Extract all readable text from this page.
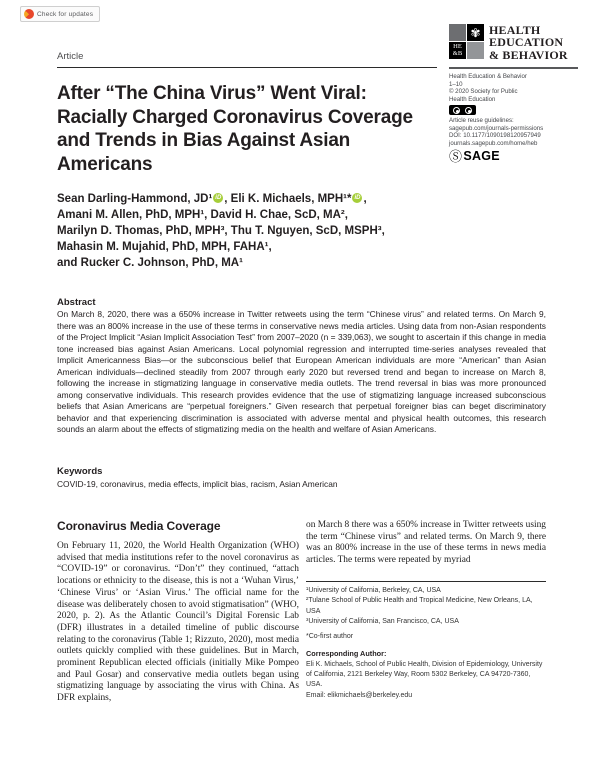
Check for updates
Article
✾
HE
&B
HEALTH
EDUCATION
& BEHAVIOR
Health Education & Behavior
1–10
© 2020 Society for Public
Health Education
Article reuse guidelines:
sagepub.com/journals-permissions
DOI: 10.1177/1090198120957949
journals.sagepub.com/home/heb
Ⓢ SAGE
After “The China Virus” Went Viral:
Racially Charged Coronavirus Coverage
and Trends in Bias Against Asian
Americans
Sean Darling-Hammond, JD¹ iD , Eli K. Michaels, MPH¹* iD ,
Amani M. Allen, PhD, MPH¹, David H. Chae, ScD, MA²,
Marilyn D. Thomas, PhD, MPH³, Thu T. Nguyen, ScD, MSPH³,
Mahasin M. Mujahid, PhD, MPH, FAHA¹,
and Rucker C. Johnson, PhD, MA¹
Abstract

On March 8, 2020, there was a 650% increase in Twitter retweets using the term “Chinese virus” and related terms. On March 9, there was an 800% increase in the use of these terms in conservative news media articles. Using data from non-Asian respondents of the Project Implicit “Asian Implicit Association Test” from 2007–2020 (n = 339,063), we sought to ascertain if this change in media tone increased bias against Asian Americans. Local polynomial regression and interrupted time-series analyses revealed that Implicit Americanness Bias—or the subconscious belief that European American individuals are more “American” than Asian American individuals—declined steadily from 2007 through early 2020 but reversed trend and began to increase on March 8, following the increase in stigmatizing language in conservative media outlets. The trend reversal in bias was more pronounced among conservative individuals. This research provides evidence that the use of stigmatizing language increased subconscious beliefs that Asian Americans are “perpetual foreigners.” Given research that perpetual foreigner bias can beget discriminatory behavior and that experiencing discrimination is associated with adverse mental and physical health outcomes, this research sounds an alarm about the effects of stigmatizing media on the health and welfare of Asian Americans.

Keywords

COVID-19, coronavirus, media effects, implicit bias, racism, Asian American

Coronavirus Media Coverage

On February 11, 2020, the World Health Organization (WHO) advised that media institutions refer to the novel coronavirus as “COVID-19” or coronavirus. “Don’t” they continued, “attach locations or ethnicity to the disease, this is not a ‘Wuhan Virus,’ ‘Chinese Virus’ or ‘Asian Virus.’ The official name for the disease was deliberately chosen to avoid stigmatisation” (WHO, 2020, p. 2). As the Atlantic Council’s Digital Forensic Lab (DFR) illustrates in a detailed timeline of public discourse relating to the coronavirus (Table 1; Rizzuto, 2020), most media outlets quickly complied with these guidelines. But in March, prominent Republican elected officials (initially Mike Pompeo and Paul Gosar) and conservative media outlets began using stigmatizing language by associating the virus with China. As DFR explains,

on March 8 there was a 650% increase in Twitter retweets using the term “Chinese virus” and related terms. On March 9, there was an 800% increase in the use of these terms in news media articles. The terms were repeated by myriad

¹University of California, Berkeley, CA, USA
²Tulane School of Public Health and Tropical Medicine, New Orleans, LA, USA
³University of California, San Francisco, CA, USA
*Co-first author
Corresponding Author:
Eli K. Michaels, School of Public Health, Division of Epidemiology, University of California, 2121 Berkeley Way, Room 5302 Berkeley, CA 94720-7360, USA.
Email: elikmichaels@berkeley.edu
